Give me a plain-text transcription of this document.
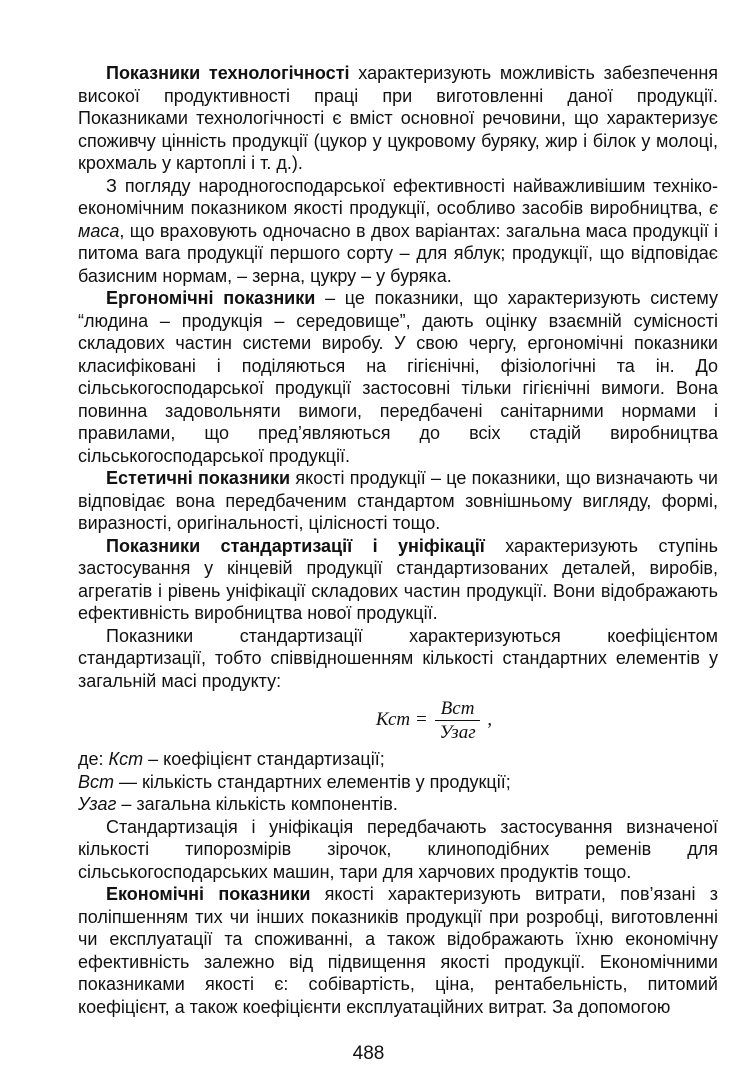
Показники технологічності характеризують можливість забезпечення високої продуктивності праці при виготовленні даної продукції. Показниками технологічності є вміст основної речовини, що характеризує споживчу цінність продукції (цукор у цукровому буряку, жир і білок у молоці, крохмаль у картоплі і т. д.).

З погляду народногосподарської ефективності найважливішим техніко-економічним показником якості продукції, особливо засобів виробництва, є маса, що враховують одночасно в двох варіантах: загальна маса продукції і питома вага продукції першого сорту – для яблук; продукції, що відповідає базисним нормам, – зерна, цукру – у буряка.

Ергономічні показники – це показники, що характеризують систему “людина – продукція – середовище”, дають оцінку взаємній сумісності складових частин системи виробу. У свою чергу, ергономічні показники класифіковані і поділяються на гігієнічні, фізіологічні та ін. До сільськогосподарської продукції застосовні тільки гігієнічні вимоги. Вона повинна задовольняти вимоги, передбачені санітарними нормами і правилами, що пред’являються до всіх стадій виробництва сільськогосподарської продукції.

Естетичні показники якості продукції – це показники, що визначають чи відповідає вона передбаченим стандартом зовнішньому вигляду, формі, виразності, оригінальності, цілісності тощо.

Показники стандартизації і уніфікації характеризують ступінь застосування у кінцевій продукції стандартизованих деталей, виробів, агрегатів і рівень уніфікації складових частин продукції. Вони відображають ефективність виробництва нової продукції.

Показники стандартизації характеризуються коефіцієнтом стандартизації, тобто співвідношенням кількості стандартних елементів у загальній масі продукту:

Кст = $\frac{\text{Вст}}{\text{Узаг}}$ ,

де: Кст – коефіцієнт стандартизації;

Вст — кількість стандартних елементів у продукції;

Узаг – загальна кількість компонентів.

Стандартизація і уніфікація передбачають застосування визначеної кількості типорозмірів зірочок, клиноподібних ременів для сільськогосподарських машин, тари для харчових продуктів тощо.

Економічні показники якості характеризують витрати, пов’язані з поліпшенням тих чи інших показників продукції при розробці, виготовленні чи експлуатації та споживанні, а також відображають їхню економічну ефективність залежно від підвищення якості продукції. Економічними показниками якості є: собівартість, ціна, рентабельність, питомий коефіцієнт, а також коефіцієнти експлуатаційних витрат. За допомогою

488
